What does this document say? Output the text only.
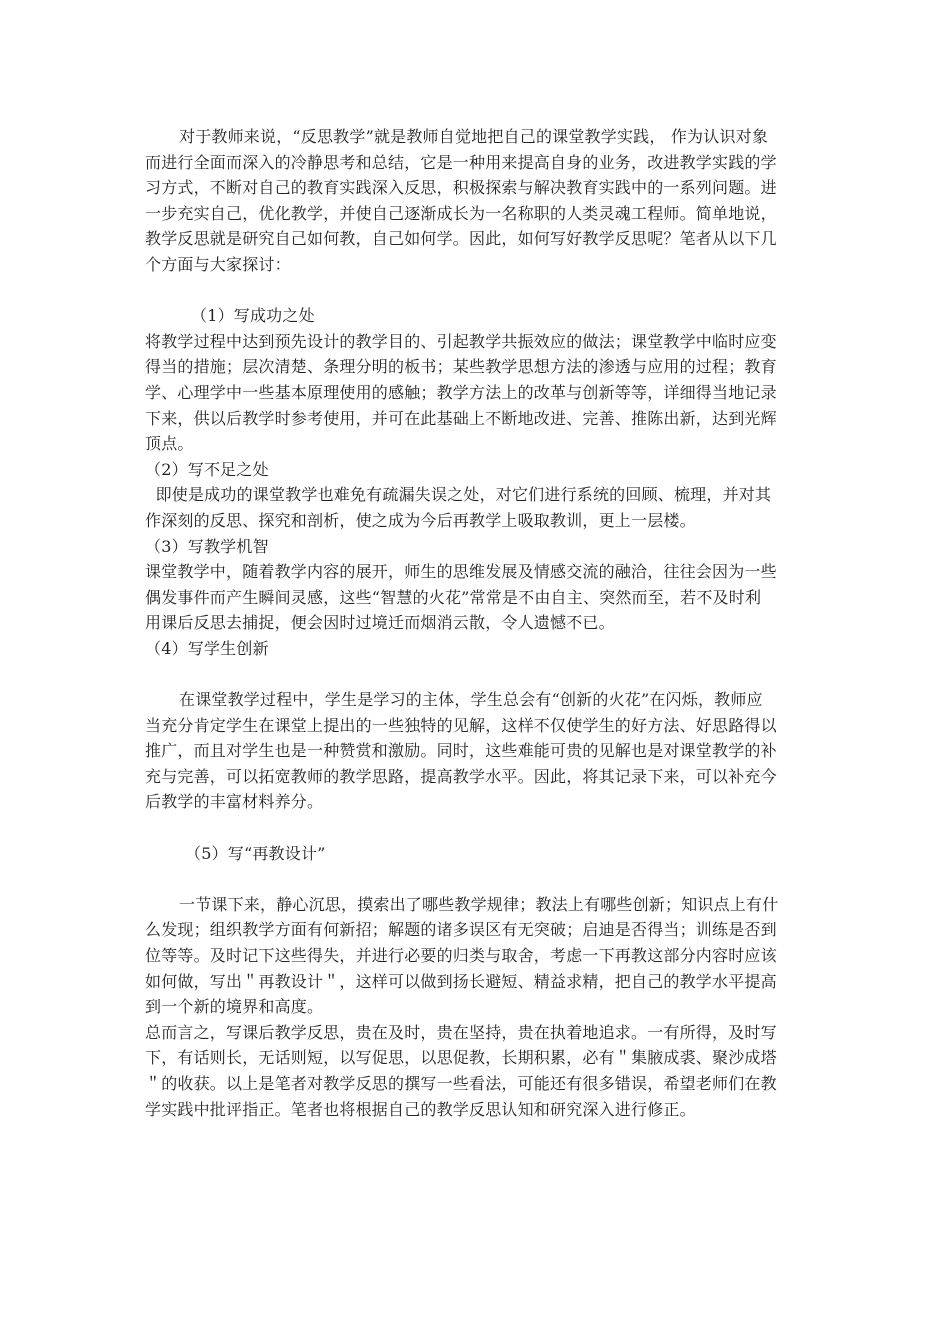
对于教师来说，“反思教学”就是教师自觉地把自己的课堂教学实践， 作为认识对象
而进行全面而深入的冷静思考和总结，它是一种用来提高自身的业务，改进教学实践的学
习方式，不断对自己的教育实践深入反思，积极探索与解决教育实践中的一系列问题。进
一步充实自己，优化教学，并使自己逐渐成长为一名称职的人类灵魂工程师。简单地说，
教学反思就是研究自己如何教，自己如何学。因此，如何写好教学反思呢？笔者从以下几
个方面与大家探讨：
（1）写成功之处
将教学过程中达到预先设计的教学目的、引起教学共振效应的做法；课堂教学中临时应变
得当的措施；层次清楚、条理分明的板书；某些教学思想方法的渗透与应用的过程；教育
学、心理学中一些基本原理使用的感触；教学方法上的改革与创新等等，详细得当地记录
下来，供以后教学时参考使用，并可在此基础上不断地改进、完善、推陈出新，达到光辉
顶点。
（2）写不足之处
即使是成功的课堂教学也难免有疏漏失误之处，对它们进行系统的回顾、梳理，并对其
作深刻的反思、探究和剖析，使之成为今后再教学上吸取教训，更上一层楼。
（3）写教学机智
课堂教学中，随着教学内容的展开，师生的思维发展及情感交流的融洽，往往会因为一些
偶发事件而产生瞬间灵感，这些“智慧的火花”常常是不由自主、突然而至，若不及时利
用课后反思去捕捉，便会因时过境迁而烟消云散，令人遗憾不已。
（4）写学生创新
在课堂教学过程中，学生是学习的主体，学生总会有“创新的火花”在闪烁，教师应
当充分肯定学生在课堂上提出的一些独特的见解，这样不仅使学生的好方法、好思路得以
推广，而且对学生也是一种赞赏和激励。同时，这些难能可贵的见解也是对课堂教学的补
充与完善，可以拓宽教师的教学思路，提高教学水平。因此，将其记录下来，可以补充今
后教学的丰富材料养分。
（5）写“再教设计”
一节课下来，静心沉思，摸索出了哪些教学规律；教法上有哪些创新；知识点上有什
么发现；组织教学方面有何新招；解题的诸多误区有无突破；启迪是否得当；训练是否到
位等等。及时记下这些得失，并进行必要的归类与取舍，考虑一下再教这部分内容时应该
如何做，写出＂再教设计＂，这样可以做到扬长避短、精益求精，把自己的教学水平提高
到一个新的境界和高度。
总而言之，写课后教学反思，贵在及时，贵在坚持，贵在执着地追求。一有所得，及时写
下，有话则长，无话则短，以写促思，以思促教，长期积累，必有＂集腋成裘、聚沙成塔
＂的收获。以上是笔者对教学反思的撰写一些看法，可能还有很多错误，希望老师们在教
学实践中批评指正。笔者也将根据自己的教学反思认知和研究深入进行修正。
